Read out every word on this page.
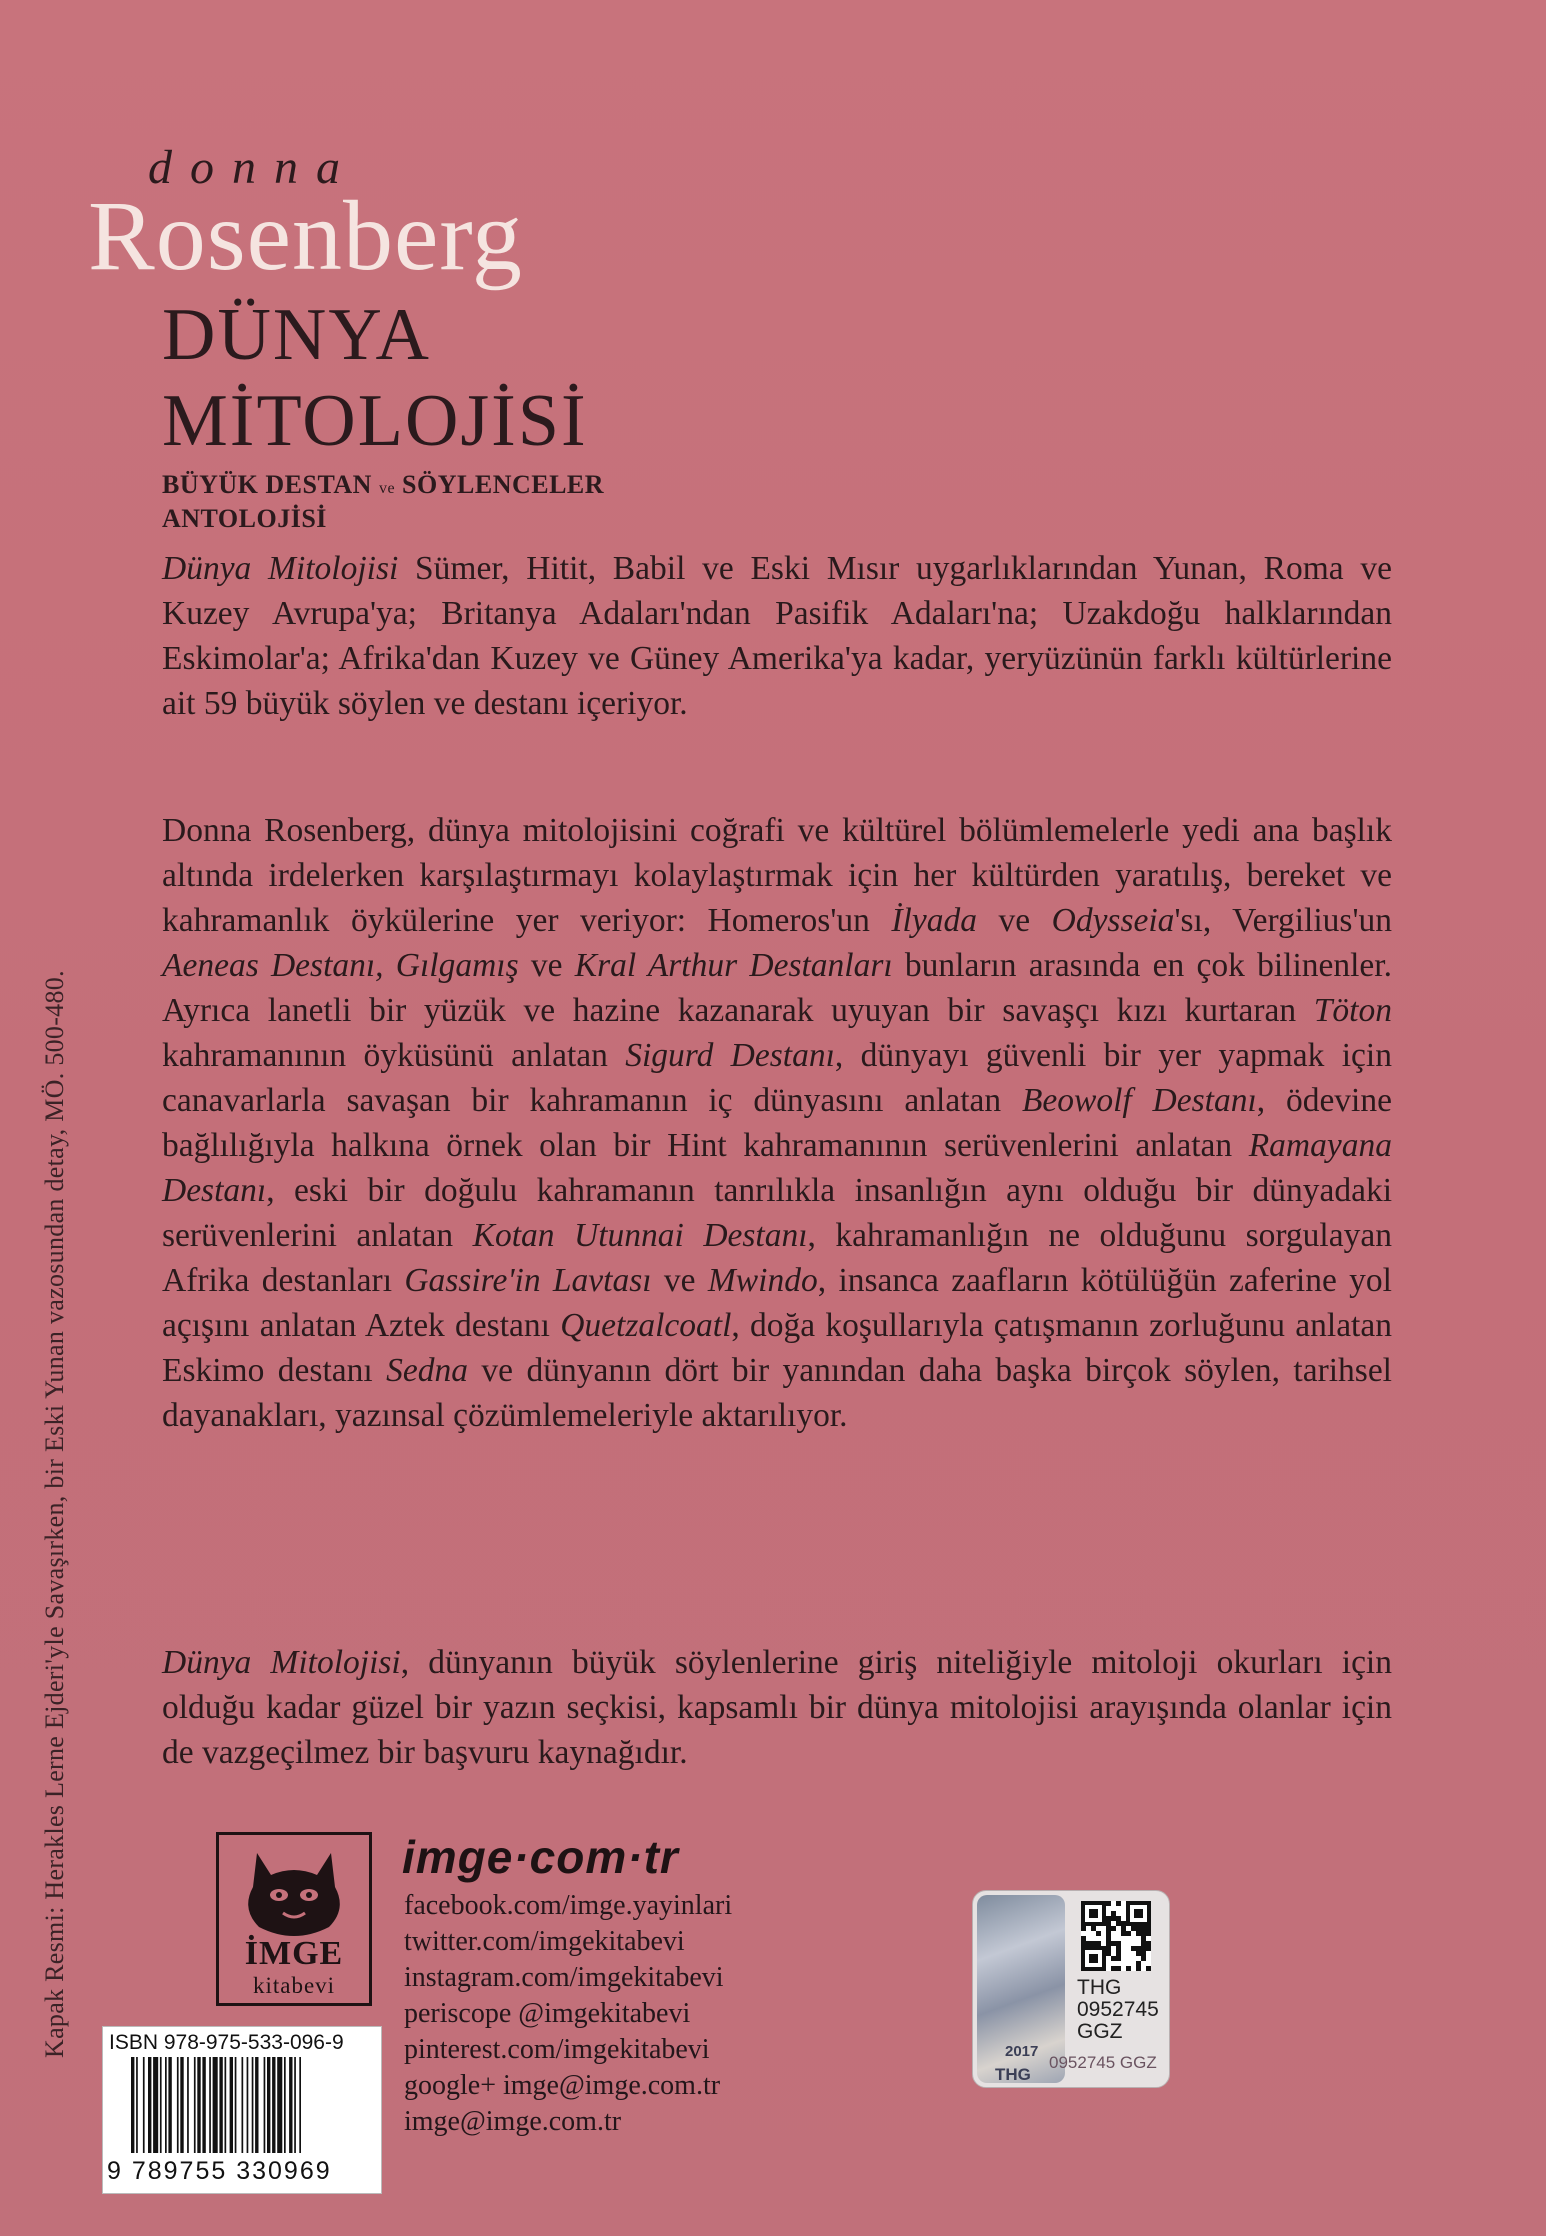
Kapak Resmi: Herakles Lerne Ejderi'yle Savaşırken, bir Eski Yunan vazosundan detay, MÖ. 500-480.
donna
Rosenberg
DÜNYA
MİTOLOJİSİ
BÜYÜK DESTAN ve SÖYLENCELER
ANTOLOJİSİ

Dünya Mitolojisi Sümer, Hitit, Babil ve Eski Mısır uygarlıklarından Yunan, Roma ve Kuzey Avrupa'ya; Britanya Adaları'ndan Pasifik Adaları'na; Uzakdoğu halklarından Eskimolar'a; Afrika'dan Kuzey ve Güney Amerika'ya kadar, yeryüzünün farklı kültürlerine ait 59 büyük söylen ve destanı içeriyor.

Donna Rosenberg, dünya mitolojisini coğrafi ve kültürel bölümlemelerle yedi ana başlık altında irdelerken karşılaştırmayı kolaylaştırmak için her kültürden yaratılış, bereket ve kahramanlık öykülerine yer veriyor: Homeros'un İlyada ve Odysseia'sı, Vergilius'un Aeneas Destanı, Gılgamış ve Kral Arthur Destanları bunların arasında en çok bilinenler. Ayrıca lanetli bir yüzük ve hazine kazanarak uyuyan bir savaşçı kızı kurtaran Töton kahramanının öyküsünü anlatan Sigurd Destanı, dünyayı güvenli bir yer yapmak için canavarlarla savaşan bir kahramanın iç dünyasını anlatan Beowolf Destanı, ödevine bağlılığıyla halkına örnek olan bir Hint kahramanının serüvenlerini anlatan Ramayana Destanı, eski bir doğulu kahramanın tanrılıkla insanlığın aynı olduğu bir dünyadaki serüvenlerini anlatan Kotan Utunnai Destanı, kahramanlığın ne olduğunu sorgulayan Afrika destanları Gassire'in Lavtası ve Mwindo, insanca zaafların kötülüğün zaferine yol açışını anlatan Aztek destanı Quetzalcoatl, doğa koşullarıyla çatışmanın zorluğunu anlatan Eskimo destanı Sedna ve dünyanın dört bir yanından daha başka birçok söylen, tarihsel dayanakları, yazınsal çözümlemeleriyle aktarılıyor.

Dünya Mitolojisi, dünyanın büyük söylenlerine giriş niteliğiyle mitoloji okurları için olduğu kadar güzel bir yazın seçkisi, kapsamlı bir dünya mitolojisi arayışında olanlar için de vazgeçilmez bir başvuru kaynağıdır.

İMGE
kitabevi
imge·com·tr
facebook.com/imge.yayinlari
twitter.com/imgekitabevi
instagram.com/imgekitabevi
periscope @imgekitabevi
pinterest.com/imgekitabevi
google+ imge@imge.com.tr
imge@imge.com.tr
ISBN 978-975-533-096-9
9 789755 330969
2017
THG
THG
0952745
GGZ
0952745 GGZ
